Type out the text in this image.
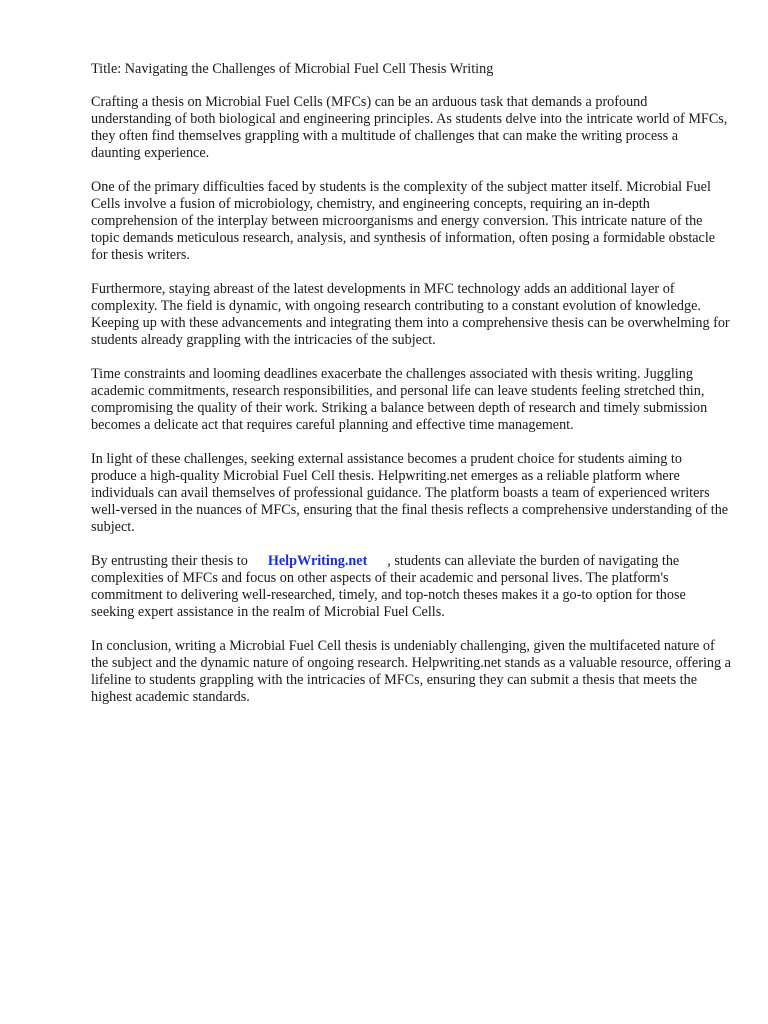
Title: Navigating the Challenges of Microbial Fuel Cell Thesis Writing

Crafting a thesis on Microbial Fuel Cells (MFCs) can be an arduous task that demands a profound understanding of both biological and engineering principles. As students delve into the intricate world of MFCs, they often find themselves grappling with a multitude of challenges that can make the writing process a daunting experience.

One of the primary difficulties faced by students is the complexity of the subject matter itself. Microbial Fuel Cells involve a fusion of microbiology, chemistry, and engineering concepts, requiring an in-depth comprehension of the interplay between microorganisms and energy conversion. This intricate nature of the topic demands meticulous research, analysis, and synthesis of information, often posing a formidable obstacle for thesis writers.

Furthermore, staying abreast of the latest developments in MFC technology adds an additional layer of complexity. The field is dynamic, with ongoing research contributing to a constant evolution of knowledge. Keeping up with these advancements and integrating them into a comprehensive thesis can be overwhelming for students already grappling with the intricacies of the subject.

Time constraints and looming deadlines exacerbate the challenges associated with thesis writing. Juggling academic commitments, research responsibilities, and personal life can leave students feeling stretched thin, compromising the quality of their work. Striking a balance between depth of research and timely submission becomes a delicate act that requires careful planning and effective time management.

In light of these challenges, seeking external assistance becomes a prudent choice for students aiming to produce a high-quality Microbial Fuel Cell thesis. Helpwriting.net emerges as a reliable platform where individuals can avail themselves of professional guidance. The platform boasts a team of experienced writers well-versed in the nuances of MFCs, ensuring that the final thesis reflects a comprehensive understanding of the subject.

By entrusting their thesis to HelpWriting.net , students can alleviate the burden of navigating the complexities of MFCs and focus on other aspects of their academic and personal lives. The platform's commitment to delivering well-researched, timely, and top-notch theses makes it a go-to option for those seeking expert assistance in the realm of Microbial Fuel Cells.

In conclusion, writing a Microbial Fuel Cell thesis is undeniably challenging, given the multifaceted nature of the subject and the dynamic nature of ongoing research. Helpwriting.net stands as a valuable resource, offering a lifeline to students grappling with the intricacies of MFCs, ensuring they can submit a thesis that meets the highest academic standards.
